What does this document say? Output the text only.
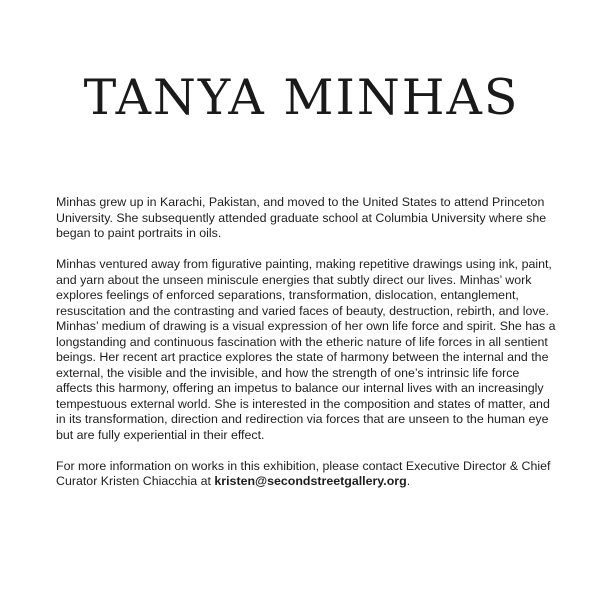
TANYA MINHAS

Minhas grew up in Karachi, Pakistan, and moved to the United States to attend Princeton University. She subsequently attended graduate school at Columbia University where she began to paint portraits in oils.

Minhas ventured away from figurative painting, making repetitive drawings using ink, paint, and yarn about the unseen miniscule energies that subtly direct our lives. Minhas’ work explores feelings of enforced separations, transformation, dislocation, entanglement, resuscitation and the contrasting and varied faces of beauty, destruction, rebirth, and love. Minhas’ medium of drawing is a visual expression of her own life force and spirit. She has a longstanding and continuous fascination with the etheric nature of life forces in all sentient beings. Her recent art practice explores the state of harmony between the internal and the external, the visible and the invisible, and how the strength of one’s intrinsic life force affects this harmony, offering an impetus to balance our internal lives with an increasingly tempestuous external world. She is interested in the composition and states of matter, and in its transformation, direction and redirection via forces that are unseen to the human eye but are fully experiential in their effect.

For more information on works in this exhibition, please contact Executive Director & Chief Curator Kristen Chiacchia at kristen@secondstreetgallery.org.
